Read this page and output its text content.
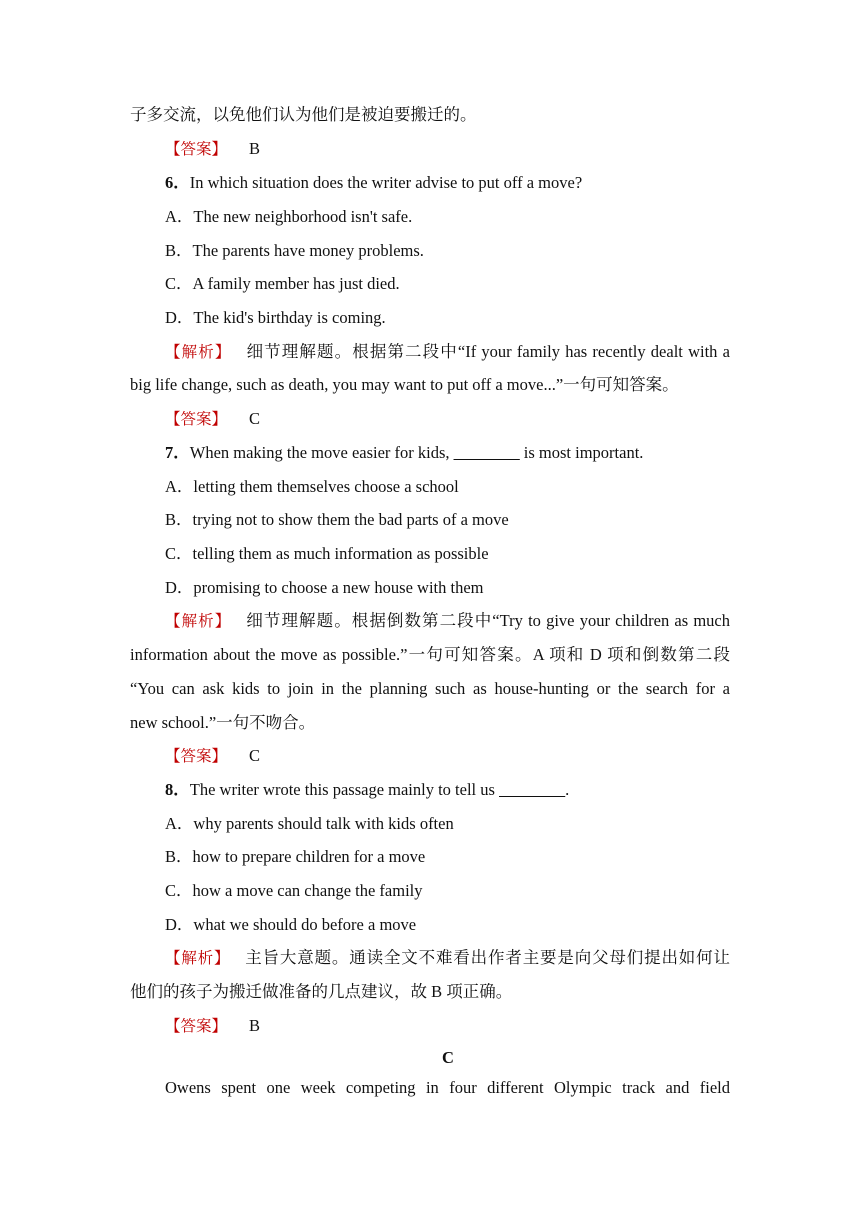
子多交流，以免他们认为他们是被迫要搬迁的。
【答案】 B
6．In which situation does the writer advise to put off a move?
A．The new neighborhood isn't safe.
B．The parents have money problems.
C．A family member has just died.
D．The kid's birthday is coming.
【解析】 细节理解题。根据第二段中“If your family has recently dealt with a
big life change, such as death, you may want to put off a move...”一句可知答案。
【答案】 C
7．When making the move easier for kids, ________ is most important.
A．letting them themselves choose a school
B．trying not to show them the bad parts of a move
C．telling them as much information as possible
D．promising to choose a new house with them
【解析】 细节理解题。根据倒数第二段中“Try to give your children as much
information about the move as possible.”一句可知答案。A 项和 D 项和倒数第二段
“You can ask kids to join in the planning such as house-hunting or the search for a
new school.”一句不吻合。
【答案】 C
8．The writer wrote this passage mainly to tell us ________.
A．why parents should talk with kids often
B．how to prepare children for a move
C．how a move can change the family
D．what we should do before a move
【解析】 主旨大意题。通读全文不难看出作者主要是向父母们提出如何让
他们的孩子为搬迁做准备的几点建议，故 B 项正确。
【答案】 B
C
Owens spent one week competing in four different Olympic track and field
